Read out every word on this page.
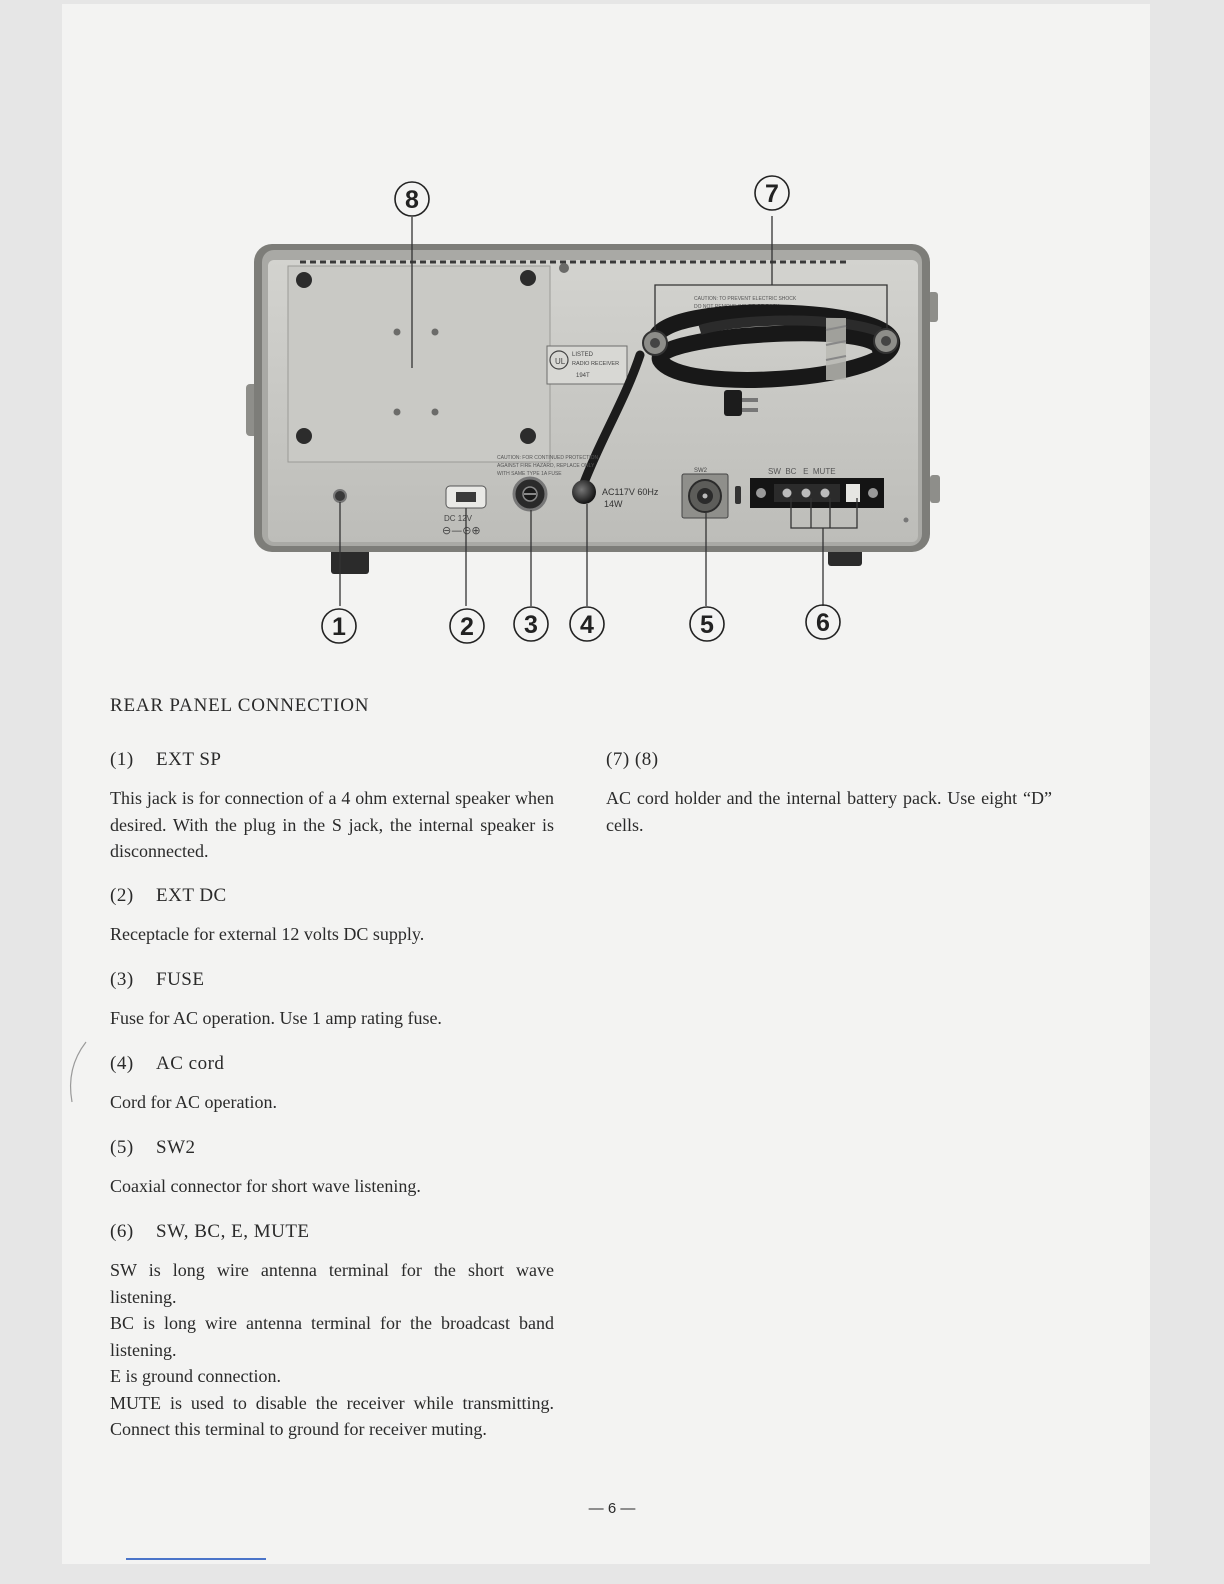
UL
LISTED
RADIO RECEIVER
194T
CAUTION: TO PREVENT ELECTRIC SHOCK
DO NOT REMOVE COVER OR BACK
NO USER SERVICEABLE PARTS INSIDE
CAUTION: FOR CONTINUED PROTECTION
AGAINST FIRE HAZARD, REPLACE ONLY
WITH SAME TYPE 1A FUSE
DC 12V
⊖—⊝⊕
AC117V 60Hz
14W
SW2	SW  BC   E  MUTE
8	7
1	2 3 4	5	6
REAR PANEL CONNECTION
(1) EXT SP

This jack is for connection of a 4 ohm external speaker when desired. With the plug in the S jack, the internal speaker is disconnected.

(2) EXT DC

Receptacle for external 12 volts DC supply.

(3) FUSE

Fuse for AC operation. Use 1 amp rating fuse.

(4) AC cord

Cord for AC operation.

(5) SW2

Coaxial connector for short wave listening.

(6) SW, BC, E, MUTE

SW is long wire antenna terminal for the short wave listening.

BC is long wire antenna terminal for the broadcast band listening.

E is ground connection.

MUTE is used to disable the receiver while transmitting. Connect this terminal to ground for receiver muting.

(7) (8)

AC cord holder and the internal battery pack. Use eight “D” cells.

— 6 —
